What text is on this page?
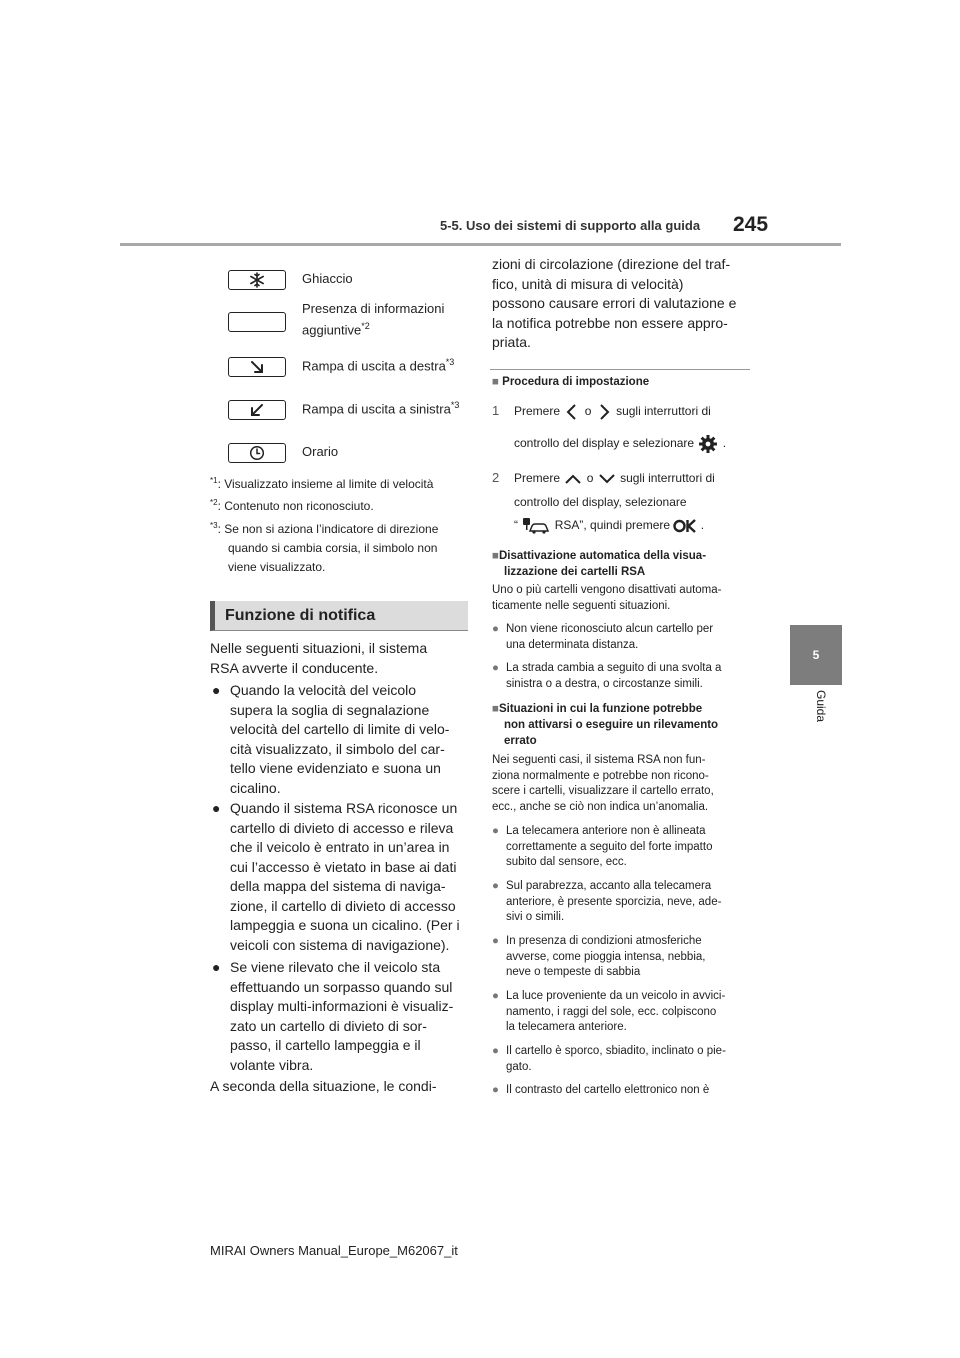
5-5. Uso dei sistemi di supporto alla guida 245
5
Guida
Ghiaccio
Presenza di informazioni
aggiuntive$^{*2}$
Rampa di uscita a destra$^{*3}$
Rampa di uscita a sinistra$^{*3}$
Orario
$^{*1}$: Visualizzato insieme al limite di velocità
$^{*2}$: Contenuto non riconosciuto.
$^{*3}$: Se non si aziona l’indicatore di direzione
quando si cambia corsia, il simbolo non
viene visualizzato.
Funzione di notifica
Nelle seguenti situazioni, il sistema
RSA avverte il conducente.
● Quando la velocità del veicolo
supera la soglia di segnalazione
velocità del cartello di limite di velo-
cità visualizzato, il simbolo del car-
tello viene evidenziato e suona un
cicalino.
● Quando il sistema RSA riconosce un
cartello di divieto di accesso e rileva
che il veicolo è entrato in un’area in
cui l’accesso è vietato in base ai dati
della mappa del sistema di naviga-
zione, il cartello di divieto di accesso
lampeggia e suona un cicalino. (Per i
veicoli con sistema di navigazione).
● Se viene rilevato che il veicolo sta
effettuando un sorpasso quando sul
display multi-informazioni è visualiz-
zato un cartello di divieto di sor-
passo, il cartello lampeggia e il
volante vibra.
A seconda della situazione, le condi-
zioni di circolazione (direzione del traf-
fico, unità di misura di velocità)
possono causare errori di valutazione e
la notifica potrebbe non essere appro-
priata.
■ Procedura di impostazione
1 Premere o sugli interruttori di
controllo del display e selezionare .
2 Premere o sugli interruttori di
controllo del display, selezionare
“	RSA”, quindi premere	.
■Disattivazione automatica della visua-
lizzazione dei cartelli RSA
Uno o più cartelli vengono disattivati automa-
ticamente nelle seguenti situazioni.
● Non viene riconosciuto alcun cartello per
una determinata distanza.
● La strada cambia a seguito di una svolta a
sinistra o a destra, o circostanze simili.
■Situazioni in cui la funzione potrebbe
non attivarsi o eseguire un rilevamento
errato
Nei seguenti casi, il sistema RSA non fun-
ziona normalmente e potrebbe non ricono-
scere i cartelli, visualizzare il cartello errato,
ecc., anche se ciò non indica un’anomalia.
● La telecamera anteriore non è allineata
correttamente a seguito del forte impatto
subito dal sensore, ecc.
● Sul parabrezza, accanto alla telecamera
anteriore, è presente sporcizia, neve, ade-
sivi o simili.
● In presenza di condizioni atmosferiche
avverse, come pioggia intensa, nebbia,
neve o tempeste di sabbia
● La luce proveniente da un veicolo in avvici-
namento, i raggi del sole, ecc. colpiscono
la telecamera anteriore.
● Il cartello è sporco, sbiadito, inclinato o pie-
gato.
● Il contrasto del cartello elettronico non è
MIRAI Owners Manual_Europe_M62067_it
